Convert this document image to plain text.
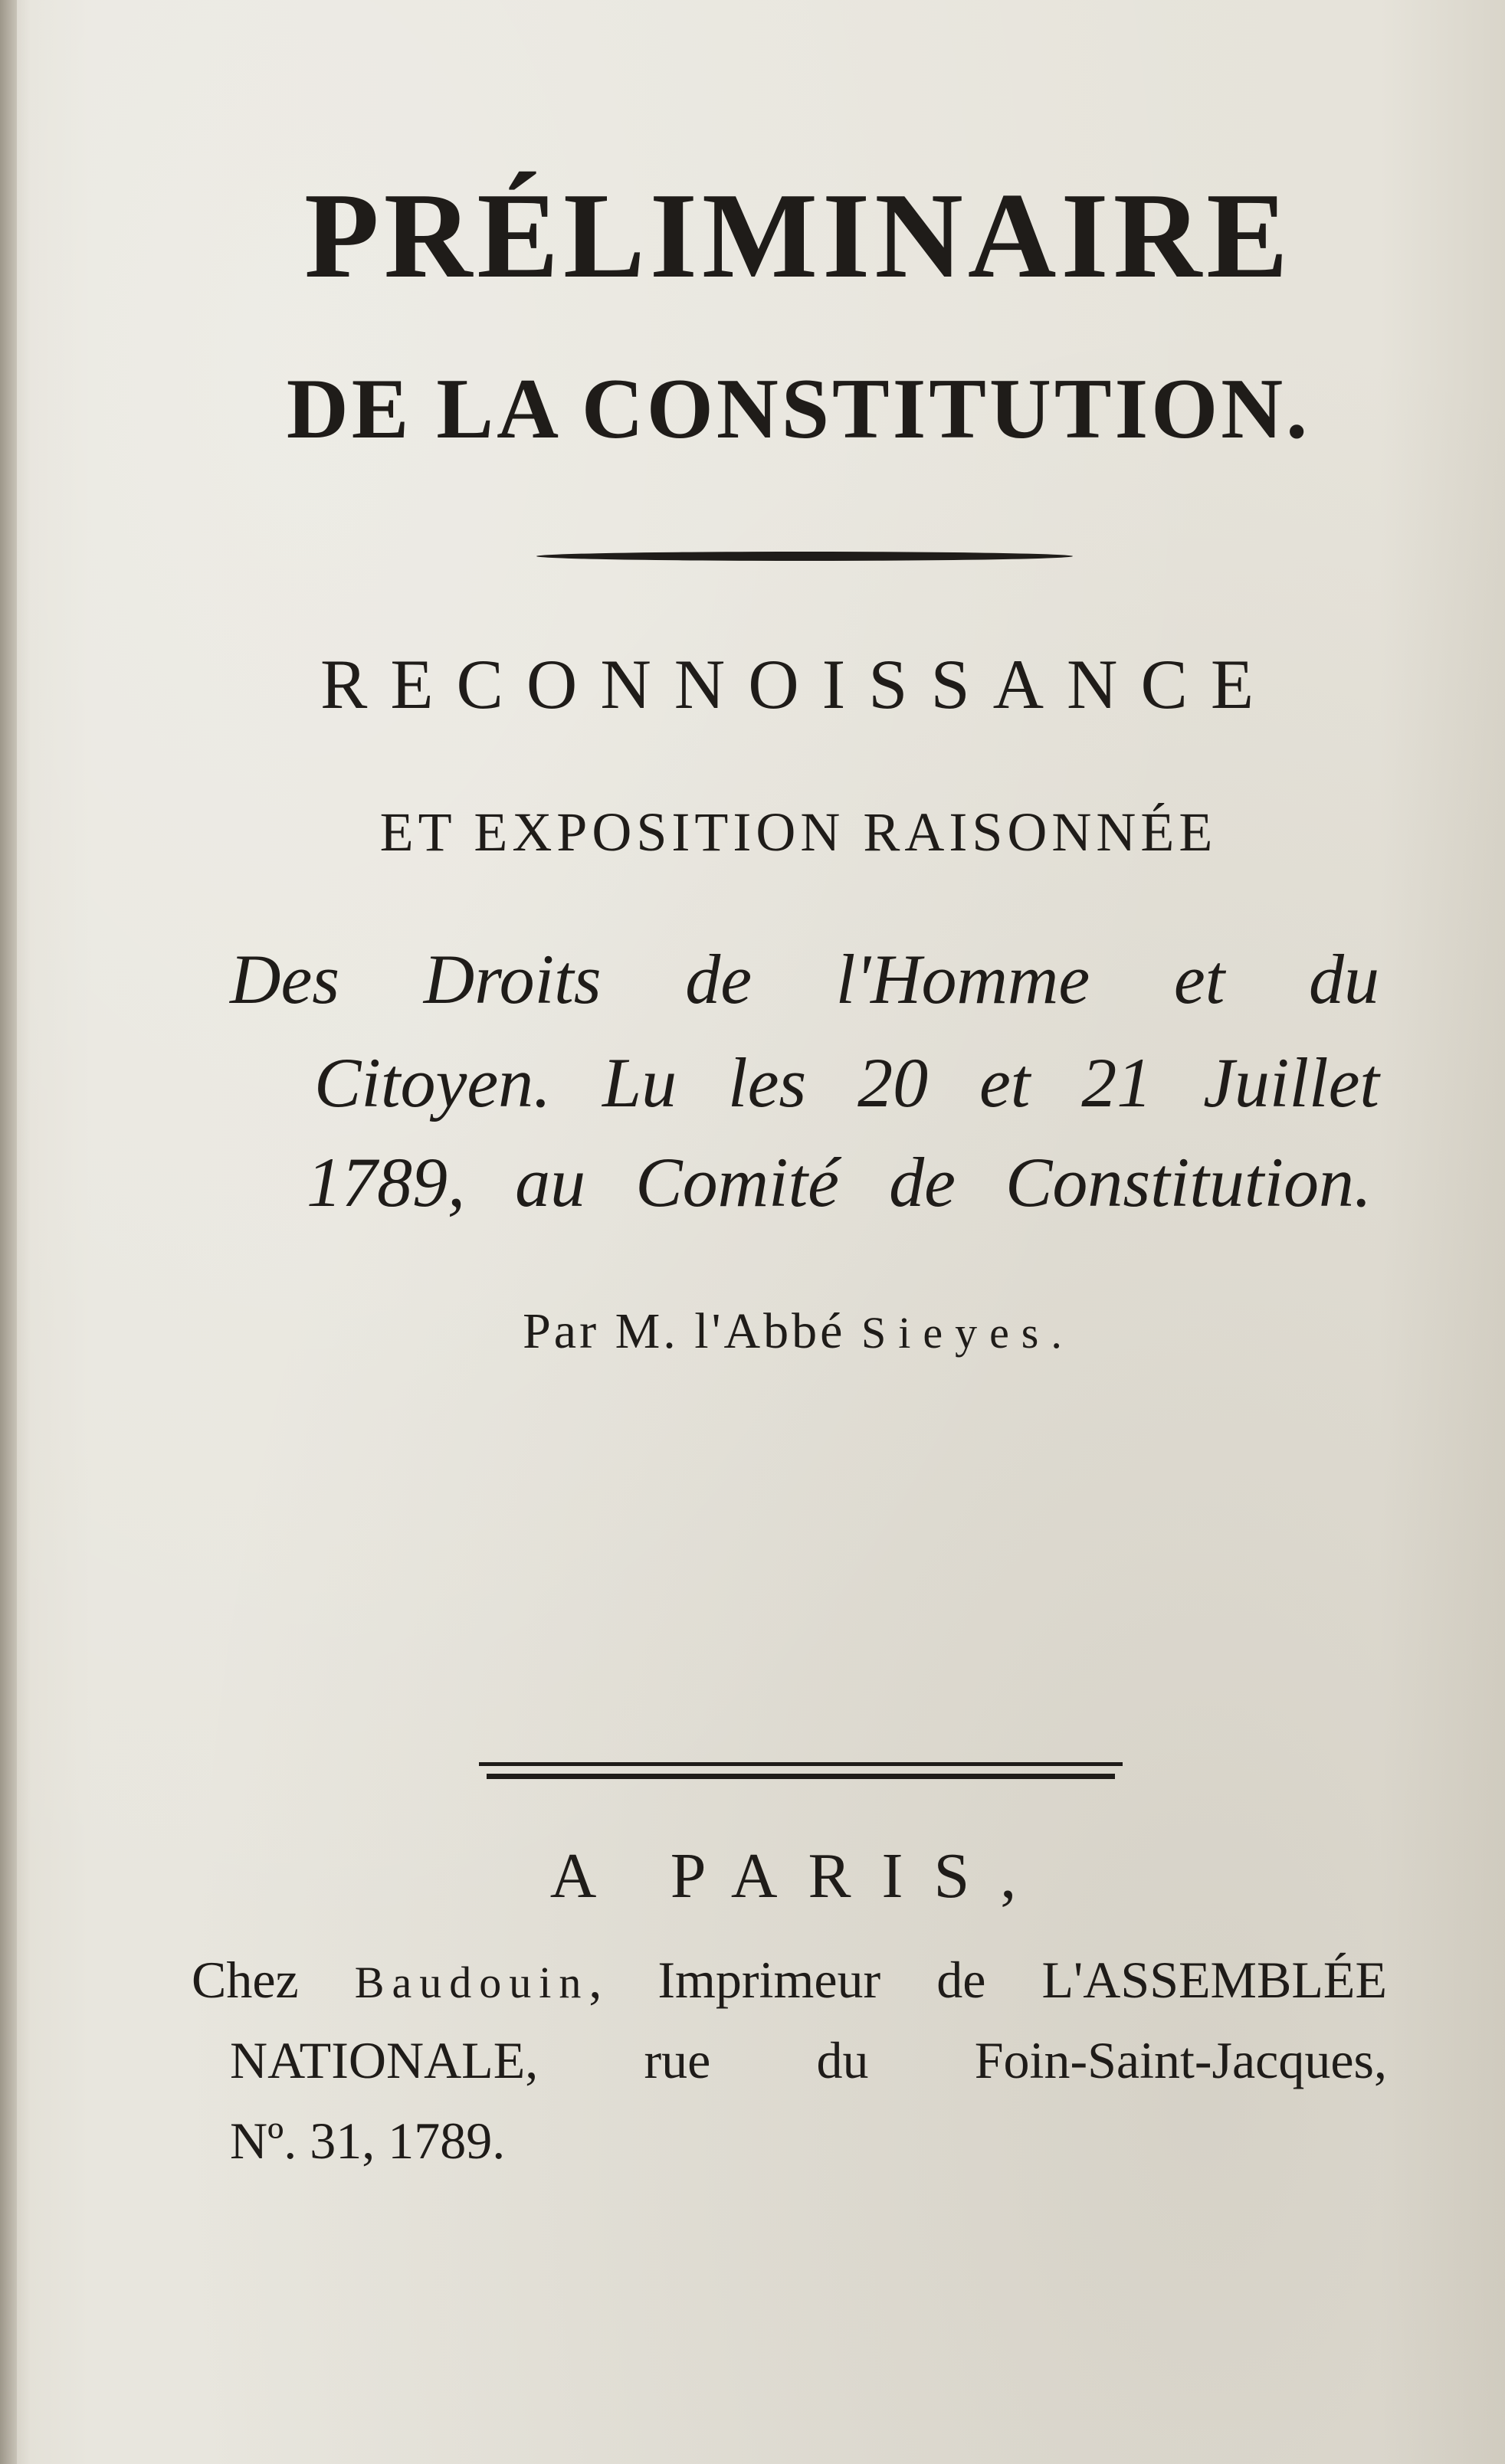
PRÉLIMINAIRE
DE LA CONSTITUTION.
RECONNOISSANCE
ET EXPOSITION RAISONNÉE
Des Droits de l'Homme et du
Citoyen. Lu les 20 et 21 Juillet
1789, au Comité de Constitution.
Par M. l'Abbé Sieyes.
A PARIS,
Chez Baudouin, Imprimeur de L'ASSEMBLÉE
NATIONALE, rue du Foin-Saint-Jacques,
Nº. 31, 1789.
